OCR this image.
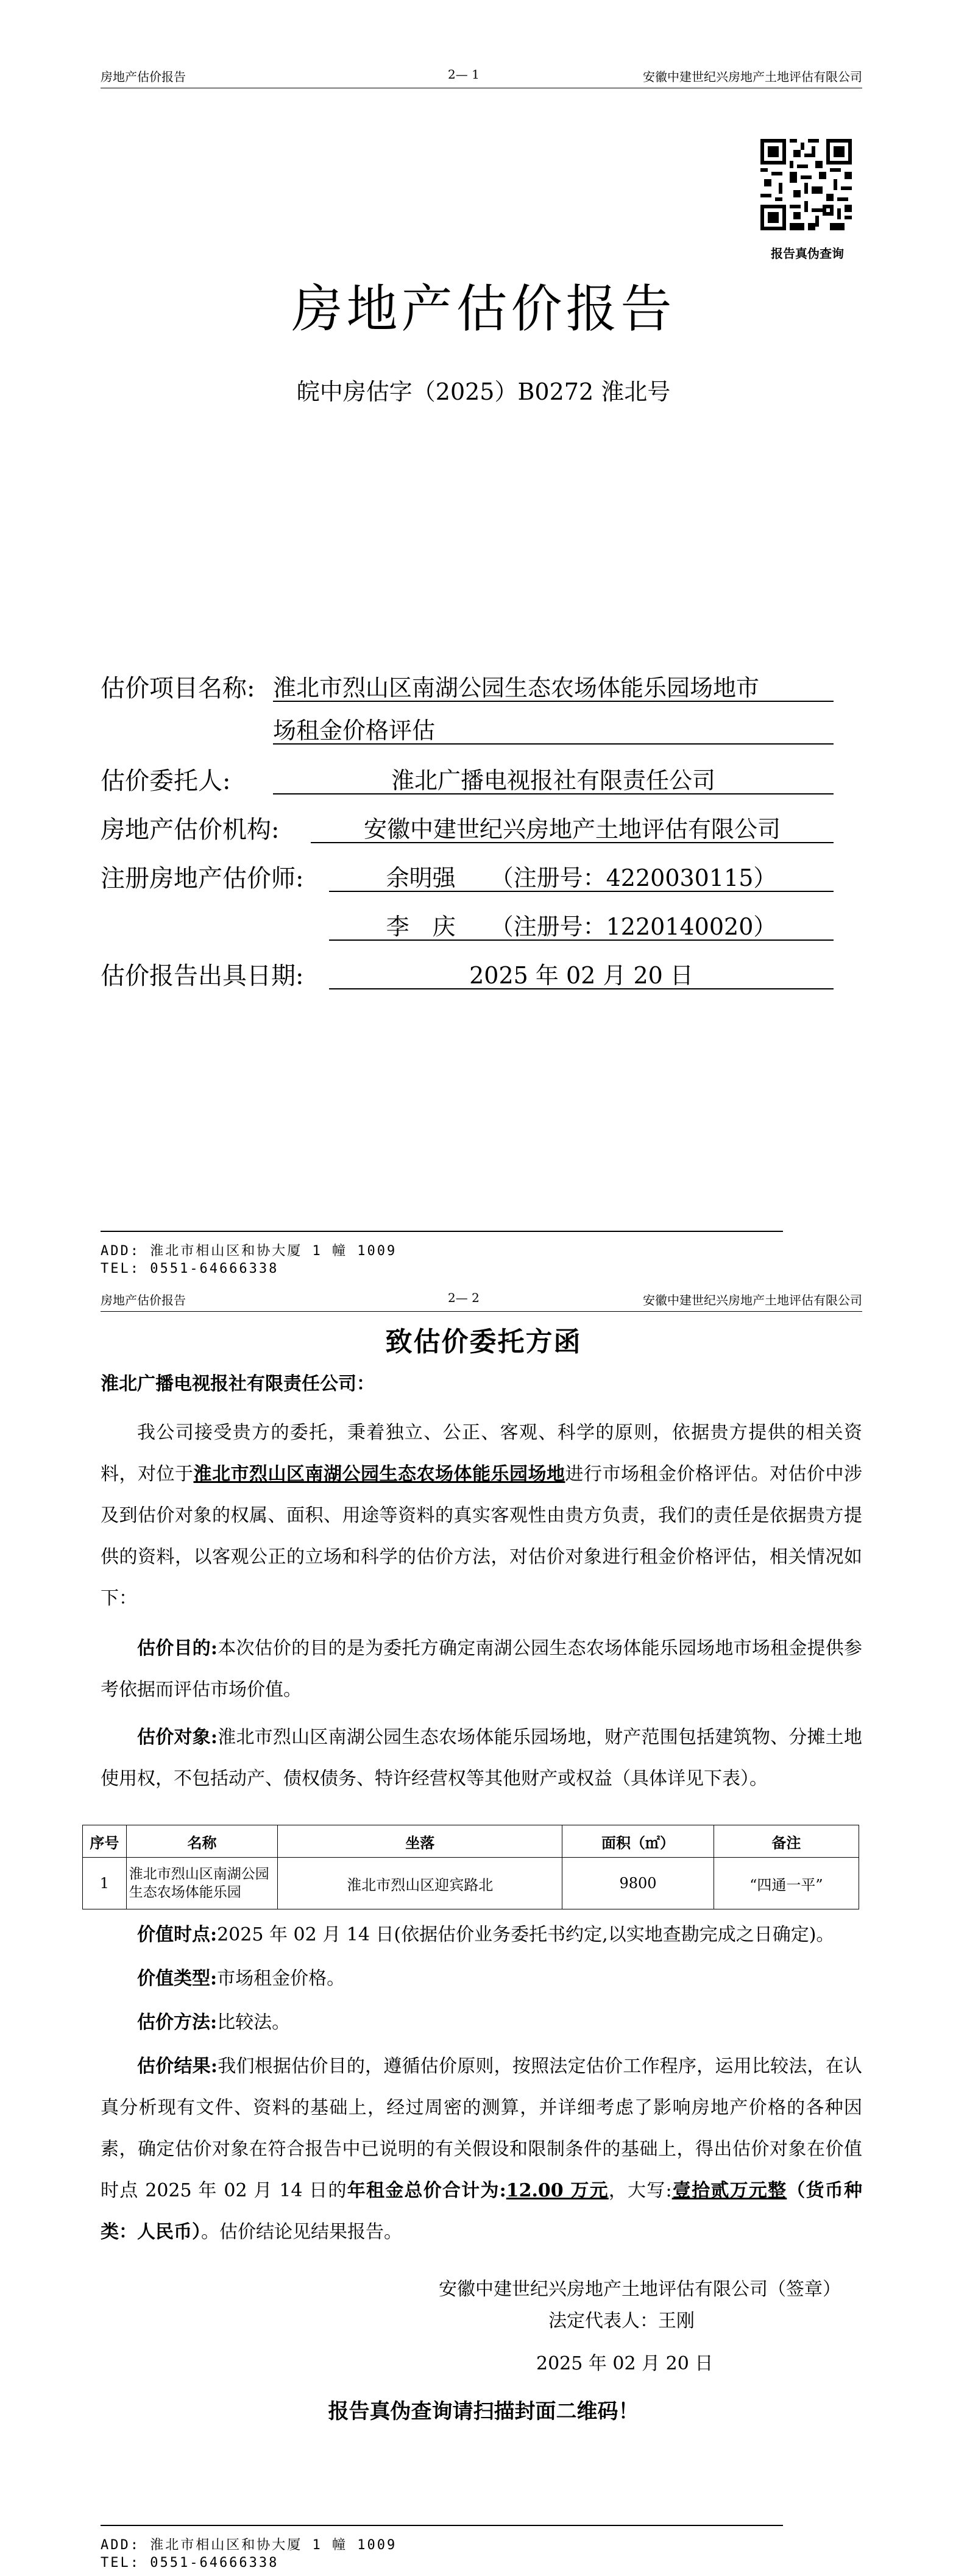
房地产估价报告	2— 1	安徽中建世纪兴房地产土地评估有限公司
报告真伪查询
房地产估价报告
皖中房估字（2025）B0272 淮北号
估价项目名称: 淮北市烈山区南湖公园生态农场体能乐园场地市
场租金价格评估
估价委托人:	淮北广播电视报社有限责任公司
房地产估价机构:	安徽中建世纪兴房地产土地评估有限公司
注册房地产估价师:	余明强　　（注册号：4220030115）
李　庆　　（注册号：1220140020）
估价报告出具日期:	2025 年 02 月 20 日
ADD: 淮北市相山区和协大厦 1 幢 1009
TEL: 0551-64666338
房地产估价报告	2— 2	安徽中建世纪兴房地产土地评估有限公司
致估价委托方函
淮北广播电视报社有限责任公司：
我公司接受贵方的委托，秉着独立、公正、客观、科学的原则，依据贵方提供的相关资料，对位于淮北市烈山区南湖公园生态农场体能乐园场地进行市场租金价格评估。对估价中涉及到估价对象的权属、面积、用途等资料的真实客观性由贵方负责，我们的责任是依据贵方提供的资料，以客观公正的立场和科学的估价方法，对估价对象进行租金价格评估，相关情况如下：
估价目的:本次估价的目的是为委托方确定南湖公园生态农场体能乐园场地市场租金提供参考依据而评估市场价值。
估价对象:淮北市烈山区南湖公园生态农场体能乐园场地，财产范围包括建筑物、分摊土地使用权，不包括动产、债权债务、特许经营权等其他财产或权益（具体详见下表）。
序号	名称	坐落	面积（㎡）	备注
1	淮北市烈山区南湖公园生态农场体能乐园	淮北市烈山区迎宾路北	9800	“四通一平”
价值时点:2025 年 02 月 14 日(依据估价业务委托书约定,以实地查勘完成之日确定)。
价值类型:市场租金价格。
估价方法:比较法。
估价结果:我们根据估价目的，遵循估价原则，按照法定估价工作程序，运用比较法，在认真分析现有文件、资料的基础上，经过周密的测算，并详细考虑了影响房地产价格的各种因素，确定估价对象在符合报告中已说明的有关假设和限制条件的基础上，得出估价对象在价值时点 2025 年 02 月 14 日的年租金总价合计为:12.00 万元，大写:壹拾贰万元整（货币种类：人民币）。估价结论见结果报告。
安徽中建世纪兴房地产土地评估有限公司（签章）
法定代表人：王刚
2025 年 02 月 20 日
报告真伪查询请扫描封面二维码！
ADD: 淮北市相山区和协大厦 1 幢 1009
TEL: 0551-64666338
